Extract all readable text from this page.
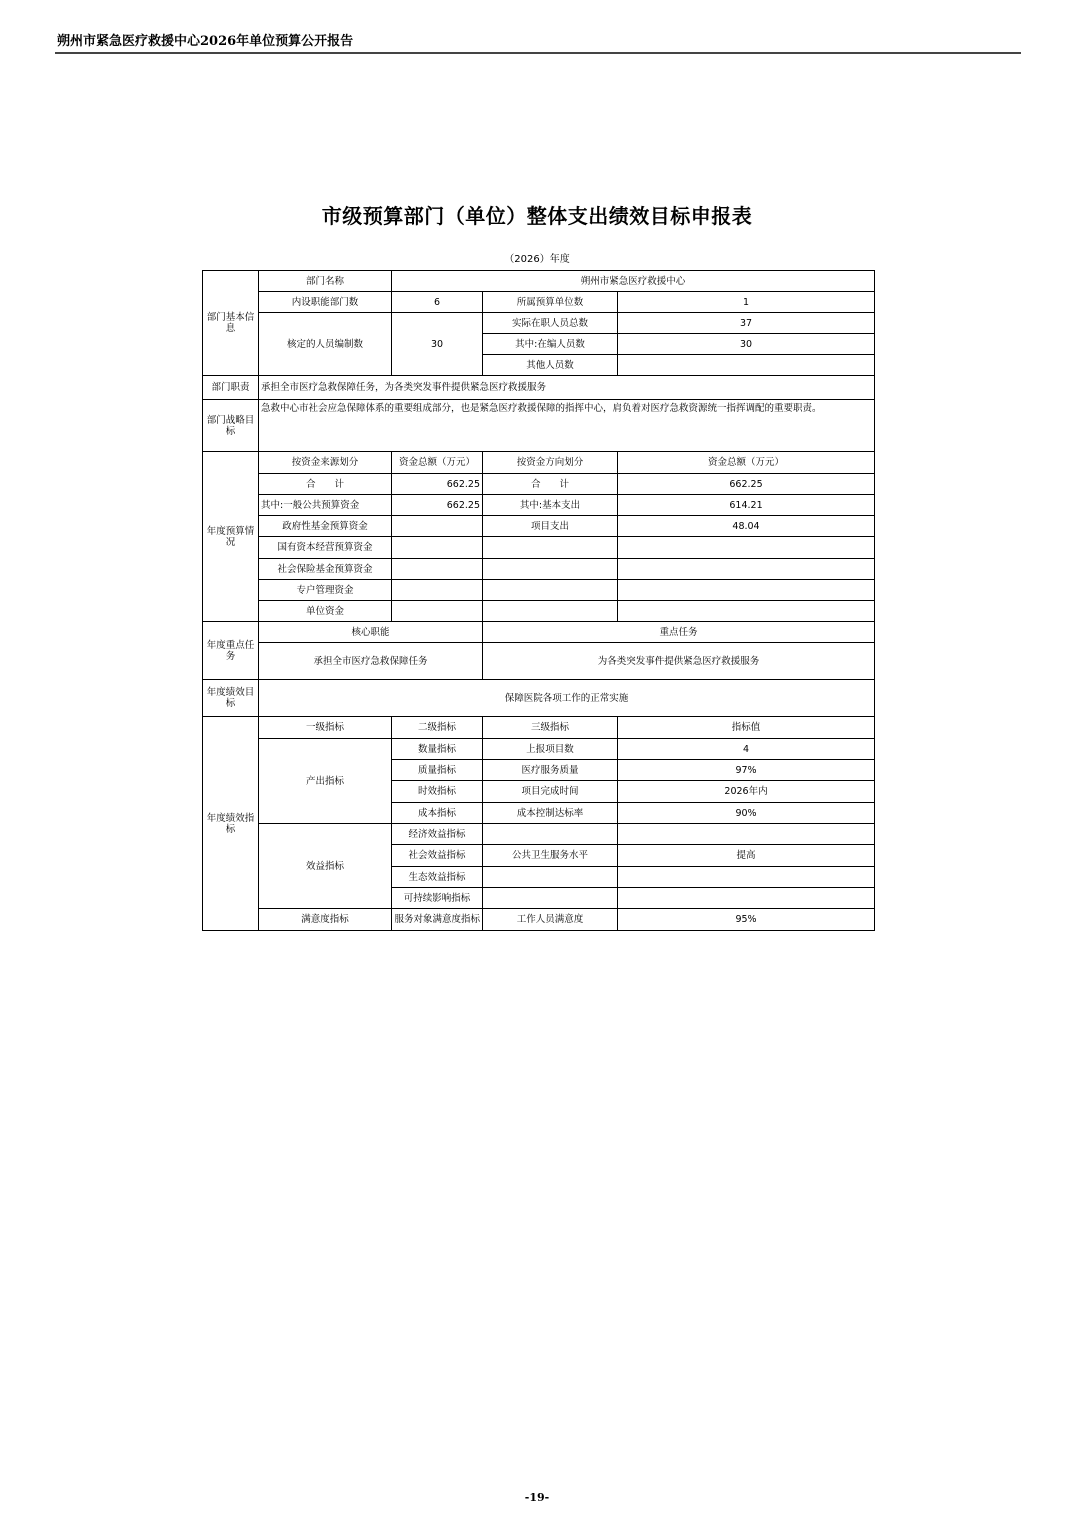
朔州市紧急医疗救援中心2026年单位预算公开报告
市级预算部门（单位）整体支出绩效目标申报表
（2026）年度
部门基本信息	部门名称	朔州市紧急医疗救援中心		
	内设职能部门数	6	所属预算单位数	1
	核定的人员编制数	30	实际在职人员总数	37
			其中:在编人员数	30
			其他人员数	
部门职责	承担全市医疗急救保障任务，为各类突发事件提供紧急医疗救援服务			
部门战略目标	急救中心市社会应急保障体系的重要组成部分，也是紧急医疗救援保障的指挥中心，肩负着对医疗急救资源统一指挥调配的重要职责。			
年度预算情况	按资金来源划分	资金总额（万元）	按资金方向划分	资金总额（万元）
	合　　计	662.25	合　　计	662.25
	其中:一般公共预算资金	662.25	其中:基本支出	614.21
	政府性基金预算资金		项目支出	48.04
	国有资本经营预算资金			
	社会保险基金预算资金			
	专户管理资金			
	单位资金			
年度重点任务	核心职能		重点任务	
	承担全市医疗急救保障任务		为各类突发事件提供紧急医疗救援服务	
年度绩效目标	保障医院各项工作的正常实施			
年度绩效指标	一级指标	二级指标	三级指标	指标值
	产出指标	数量指标	上报项目数	4
		质量指标	医疗服务质量	97%
		时效指标	项目完成时间	2026年内
		成本指标	成本控制达标率	90%
	效益指标	经济效益指标		
		社会效益指标	公共卫生服务水平	提高
		生态效益指标		
		可持续影响指标		
	满意度指标	服务对象满意度指标	工作人员满意度	95%
-19-
